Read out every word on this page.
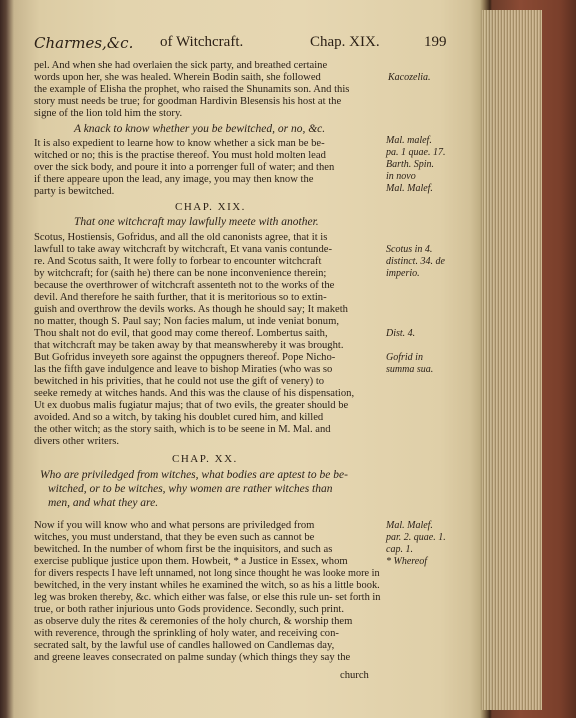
Charmes,&c. of Witchcraft.	Chap. XIX.	199
pel. And when she had overlaien the sick party, and breathed certaine
words upon her, she was healed. Wherein Bodin saith, she followed
the example of Elisha the prophet, who raised the Shunamits son. And this
story must needs be true; for goodman Hardivin Blesensis his host at the
signe of the lion told him the story.
A knack to know whether you be bewitched, or no, &c.
It is also expedient to learne how to know whether a sick man be be-
witched or no; this is the practise thereof. You must hold molten lead
over the sick body, and poure it into a porrenger full of water; and then
if there appeare upon the lead, any image, you may then know the
party is bewitched.
CHAP. XIX.
That one witchcraft may lawfully meete with another.
Scotus, Hostiensis, Gofridus, and all the old canonists agree, that it is
lawfull to take away witchcraft by witchcraft, Et vana vanis contunde-
re. And Scotus saith, It were folly to forbear to encounter witchcraft
by witchcraft; for (saith he) there can be none inconvenience therein;
because the overthrower of witchcraft assenteth not to the works of the
devil. And therefore he saith further, that it is meritorious so to extin-
guish and overthrow the devils works. As though he should say; It maketh
no matter, though S. Paul say; Non facies malum, ut inde veniat bonum,
Thou shalt not do evil, that good may come thereof. Lombertus saith,
that witchcraft may be taken away by that meanswhereby it was brought.
But Gofridus inveyeth sore against the oppugners thereof. Pope Nicho-
las the fifth gave indulgence and leave to bishop Miraties (who was so
bewitched in his privities, that he could not use the gift of venery) to
seeke remedy at witches hands. And this was the clause of his dispensation,
Ut ex duobus malis fugiatur majus; that of two evils, the greater should be
avoided. And so a witch, by taking his doublet cured him, and killed
the other witch; as the story saith, which is to be seene in M. Mal. and
divers other writers.
CHAP. XX.
Who are priviledged from witches, what bodies are aptest to be be-
witched, or to be witches, why women are rather witches than
men, and what they are.
Now if you will know who and what persons are priviledged from
witches, you must understand, that they be even such as cannot be
bewitched. In the number of whom first be the inquisitors, and such as
exercise publique justice upon them. Howbeit, * a Justice in Essex, whom
for divers respects I have left unnamed, not long since thought he was looke more in
bewitched, in the very instant whiles he examined the witch, so as his a little book.
leg was broken thereby, &c. which either was false, or else this rule un- set forth in
true, or both rather injurious unto Gods providence. Secondly, such print.
as observe duly the rites & ceremonies of the holy church, & worship them
with reverence, through the sprinkling of holy water, and receiving con-
secrated salt, by the lawful use of candles hallowed on Candlemas day,
and greene leaves consecrated on palme sunday (which things they say the
church
Kacozelia.
Mal. malef.
pa. 1 quae. 17.
Barth. Spin.
in novo
Mal. Malef.
Scotus in 4.
distinct. 34. de
imperio.
Dist. 4.
Gofrid in
summa sua.
Mal. Malef.
par. 2. quae. 1.
cap. 1.
* Whereof
